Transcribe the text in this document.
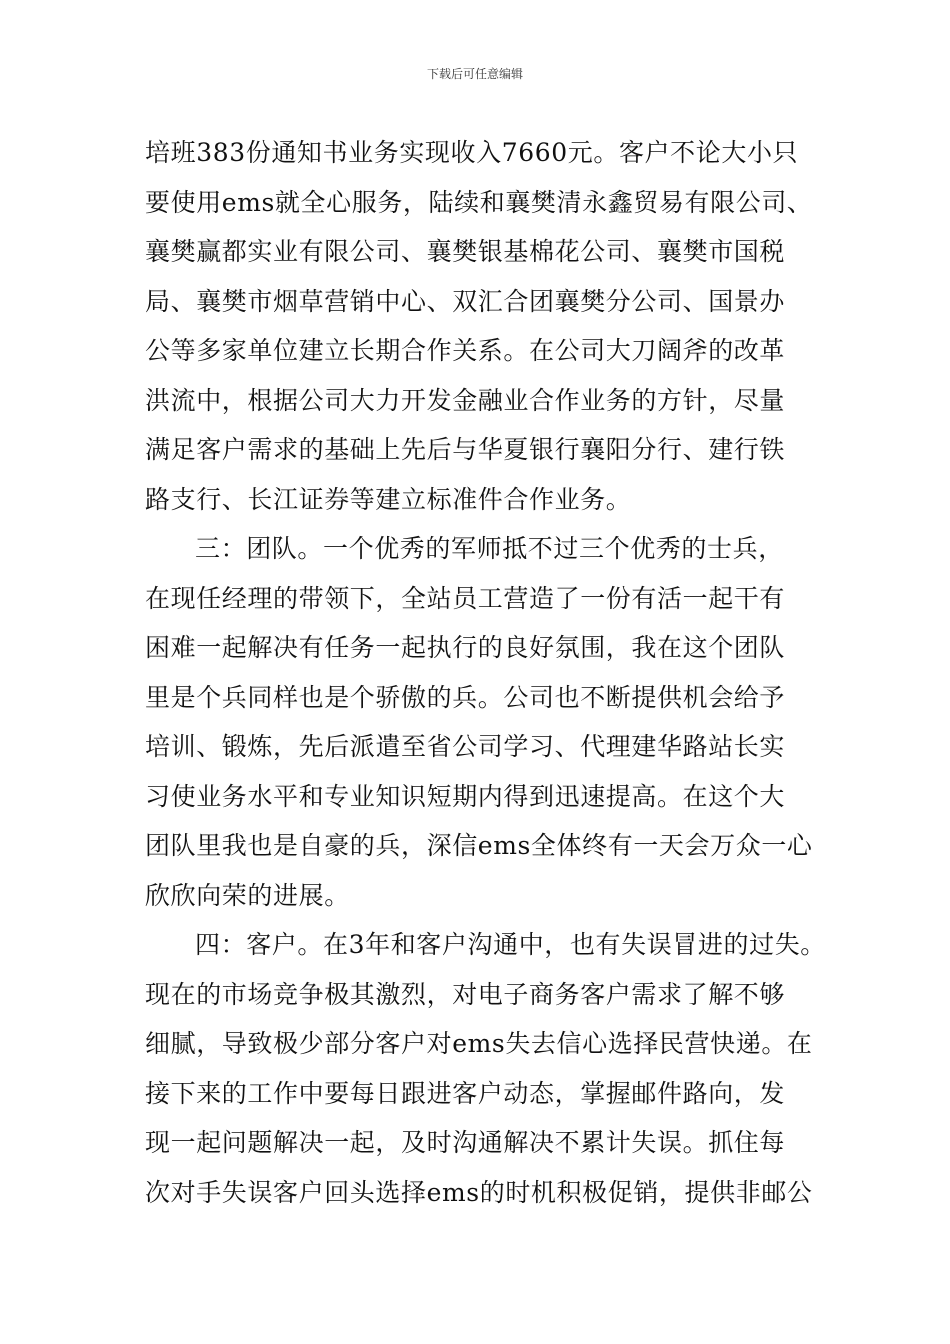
下载后可任意编辑
培班383份通知书业务实现收入7660元。客户不论大小只
要使用ems就全心服务，陆续和襄樊清永鑫贸易有限公司、
襄樊赢都实业有限公司、襄樊银基棉花公司、襄樊市国税
局、襄樊市烟草营销中心、双汇合团襄樊分公司、国景办
公等多家单位建立长期合作关系。在公司大刀阔斧的改革
洪流中，根据公司大力开发金融业合作业务的方针，尽量
满足客户需求的基础上先后与华夏银行襄阳分行、建行铁
路支行、长江证券等建立标准件合作业务。
三：团队。一个优秀的军师抵不过三个优秀的士兵，
在现任经理的带领下，全站员工营造了一份有活一起干有
困难一起解决有任务一起执行的良好氛围，我在这个团队
里是个兵同样也是个骄傲的兵。公司也不断提供机会给予
培训、锻炼，先后派遣至省公司学习、代理建华路站长实
习使业务水平和专业知识短期内得到迅速提高。在这个大
团队里我也是自豪的兵，深信ems全体终有一天会万众一心
欣欣向荣的进展。
四：客户。在3年和客户沟通中，也有失误冒进的过失。
现在的市场竞争极其激烈，对电子商务客户需求了解不够
细腻，导致极少部分客户对ems失去信心选择民营快递。在
接下来的工作中要每日跟进客户动态，掌握邮件路向，发
现一起问题解决一起，及时沟通解决不累计失误。抓住每
次对手失误客户回头选择ems的时机积极促销，提供非邮公
